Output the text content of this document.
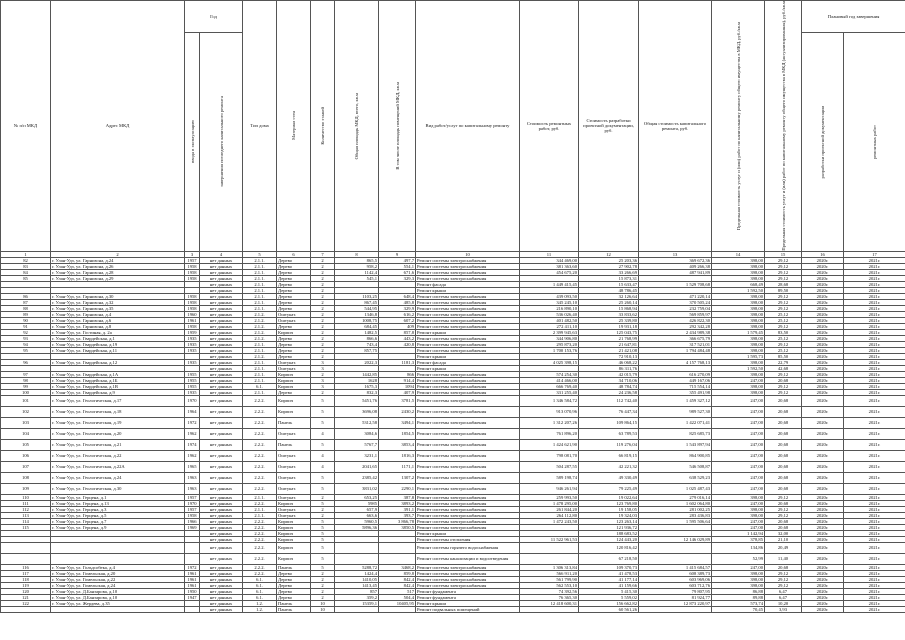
№ п/п МКД	Адрес МКД	Год		Тип дома	Материал стен	Количество этажей	Общая площадь МКД, всего, кв.м	В том числе площадь помещений МКД, кв.м	Вид работ/услуг по капитальному ремонту	Стоимость ремонтных работ, руб.	Стоимость разработки проектной документации, руб.	Общая стоимость капитального ремонта, руб.	Предельная стоимость услуг и (или) работ по капитальному ремонту общего имущества в МКД, руб./кв.м	Предельная стоимость услуг и (или) работ по капитальному ремонту общего имущества в МКД (актуализированная), руб./кв.м	Плановый год завершения	

		ввода в эксплуатацию	завершения последнего капитального ремонта												разработки проектной документации	ремонтных работ

1	2	3	4	5	6	7	8	9	10	11	12	13	14	15	16	17
82	г. Улан-Удэ, ул. Гарнизона, д.24	1957	нет данных	2.1.1.	Дерево	2	865,5	497,7	Ремонт системы электроснабжения	344 469,00	25 203,36	369 672,36	398,00	29,12	2020г.	2021г.
83	г. Улан-Удэ, ул. Гарнизона, д.26	1958	нет данных	2.1.1.	Дерево	2	958,2	554,1	Ремонт системы электроснабжения	381 363,60	27 902,78	409 266,38	398,00	29,12	2020г.	2021г.
84	г. Улан-Удэ, ул. Гарнизона, д.28	1958	нет данных	2.1.1.	Дерево	2	1142,4	671,6	Ремонт системы электроснабжения	454 675,20	33 266,69	487 941,89	398,00	29,12	2020г.	2021г.
85	г. Улан-Удэ, ул. Гарнизона, д.29	1958	нет данных	2.1.1.	Дерево	2	545,1	329,3	Ремонт системы электроснабжения		15 873,31		398,00	29,12	2020г.	2021г.
			нет данных	2.1.1.	Дерево	2			Ремонт фасада	1 449 415,45	15 633,47	1 529 708,68	668,49	28,68	2020г.	2021г.
			нет данных	2.1.1.	Дерево	2			Ремонт крыши		48 786,45		1 592,50	89,50	2020г.	2021г.
86	г. Улан-Удэ, ул. Гарнизона, д.30	1958	нет данных	2.1.1.	Дерево	2	1103,25	648,4	Ремонт системы электроснабжения	439 093,50	32 126,64	471 220,14	398,00	29,12	2020г.	2021г.
87	г. Улан-Удэ, ул. Гарнизона, д.32	1958	нет данных	2.1.1.	Дерево	2	867,45	485,8	Ремонт системы электроснабжения	345 245,10	25 260,14	370 505,24	398,00	29,12	2020г.	2021г.
88	г. Улан-Удэ, ул. Гарнизона, д.35	1958	нет данных	2.1.1.	Дерево	2	544,95	329,9	Ремонт системы электроснабжения	216 890,10	15 868,94	232 759,04	398,00	29,12	2020г.	2021г.
89	г. Улан-Удэ, ул. Гарнизона, д.4	1960	нет данных	2.1.2.	Оштукат.	2	1346,8	616,2	Ремонт системы электроснабжения	536 026,40	33 833,62	569 859,97	398,00	25,12	2020г.	2021г.
90	г. Улан-Удэ, ул. Гарнизона, д.6	1961	нет данных	2.1.2.	Оштукат.	2	1008,75	607,2	Ремонт системы электроснабжения	401 482,50	25 339,80	426 822,30	398,00	25,12	2020г.	2021г.
91	г. Улан-Удэ, ул. Гарнизона, д.8	1958	нет данных	2.1.2.	Дерево	2	684,45	409	Ремонт системы электроснабжения	272 411,10	19 931,18	292 342,28	398,00	29,12	2020г.	2021г.
92	г. Улан-Удэ, ул. Гостиная, д. 2а	1959	нет данных	2.1.2.	Кирпич	2	1482,5	857,8	Ремонт крыши	2 399 945,63	125 043,75	2 434 989,38	1 579,45	83,50	2020г.	2021г.
93	г. Улан-Удэ, ул. Гвардейская, д.1	1935	нет данных	2.1.2.	Дерево	2	866,6	443,2	Ремонт системы электроснабжения	344 906,80	21 768,99	366 675,79	398,00	25,12	2020г.	2021г.
94	г. Улан-Удэ, ул. Гвардейская, д.19	1935	нет данных	2.1.1.	Дерево	2	743,4	420,8	Ремонт системы электроснабжения	295 873,20	21 647,81	317 521,01	398,00	29,12	2020г.	2021г.
95	г. Улан-Удэ, ул. Гвардейская, д.11	1935	нет данных	2.1.1.	Дерево	2	857,75		Ремонт системы электроснабжения	1 700 153,76	21 421,08	1 794 484,48	398,00	25,12	2020г.	2021г.
			нет данных	2.1.2.	Дерево	2			Ремонт крыши		72 910,13		1 595,73	85,50	2020г.	2021г.
96	г. Улан-Удэ, ул. Гвардейская, д.12	1935	нет данных	2.1.1.	Оштукат.	3	2022,3	1181,3	Ремонт фасада	4 025 398,15	46 068,22	4 157 768,13	398,00	22,79	2020г.	2021г.
			нет данных	2.1.1.	Оштукат.	3			Ремонт крыши		86 311,76		1 592,50	42,68	2020г.	2021г.
97	г. Улан-Удэ, ул. Гвардейская, д.1А	1955	нет данных	2.1.1.	Кирпич	2	1442,85	866	Ремонт системы электроснабжения	574 254,30	42 015,79	616 270,09	398,00	29,12	2020г.	2021г.
98	г. Улан-Удэ, ул. Гвардейская, д.1Б	1955	нет данных	2.1.1.	Кирпич	3	1628	914,4	Ремонт системы электроснабжения	414 466,00	34 710,06	449 167,06	247,00	20,68	2020г.	2021г.
99	г. Улан-Удэ, ул. Гвардейская, д.1В	1955	нет данных	6.1.	Кирпич	3	1675,3	1094	Ремонт системы электроснабжения	666 769,40	48 784,74	715 554,14	398,00	29,12	2020г.	2021г.
100	г. Улан-Удэ, ул. Гвардейская, д.9	1935	нет данных	2.1.1.	Дерево	2	832,3	407,9	Ремонт системы электроснабжения	331 255,40	24 236,58	355 491,98	398,00	29,12	2020г.	2021г.
101	г. Улан-Удэ, ул. Геологическая, д.17	1970	нет данных	2.2.2.	Кирпич	5	5451,76	3781,5	Ремонт системы электроснабжения	1 346 584,72	112 742,40	1 459 327,12	247,00	20,68	2020г.	2021г.
102	г. Улан-Удэ, ул. Геологическая, д.18	1964	нет данных	2.2.2.	Кирпич	5	3696,08	2430,2	Ремонт системы электроснабжения	913 070,96	76 447,34	989 527,30	247,00	20,68	2020г.	2021г.
103	г. Улан-Удэ, ул. Геологическая, д.19	1972	нет данных	2.2.2.	Панель	5	5312,58	3494,1	Ремонт системы электроснабжения	1 312 207,26	109 864,15	1 422 071,41	247,00	20,68	2020г.	2021г.
104	г. Улан-Удэ, ул. Геологическая, д.20	1962	нет данных	2.2.2.	Оштукат.	4	3084,6	1854,5	Ремонт системы электроснабжения	761 896,20	63 789,53	825 685,73	247,00	20,68	2020г.	2021г.
105	г. Улан-Удэ, ул. Геологическая, д.21	1974	нет данных	2.2.2.	Панель	5	5767,7	3853,4	Ремонт системы электроснабжения	1 424 621,90	119 276,04	1 543 897,94	247,00	20,68	2020г.	2021г.
106	г. Улан-Удэ, ул. Геологическая, д.22	1962	нет данных	2.2.2.	Оштукат.	4	3231,1	1816,3	Ремонт системы электроснабжения	798 081,70	66 819,15	864 900,85	247,00	20,68	2020г.	2021г.
107	г. Улан-Удэ, ул. Геологическая, д.22А	1965	нет данных	2.2.2.	Оштукат.	4	2041,65	1171,1	Ремонт системы электроснабжения	504 287,55	42 221,32	546 508,87	247,00	20,68	2020г.	2021г.
108	г. Улан-Удэ, ул. Геологическая, д.24	1963	нет данных	2.2.2.	Оштукат.	5	2385,42	1307,2	Ремонт системы электроснабжения	589 198,74	49 330,49	638 529,23	247,00	20,68	2020г.	2021г.
109	г. Улан-Удэ, ул. Геологическая, д.30	1963	нет данных	2.2.2.	Оштукат.	5	3831,02	2290,1	Ремонт системы электроснабжения	946 261,94	79 225,49	1 025 487,43	247,00	20,68	2020г.	2021г.
110	г. Улан-Удэ, ул. Герцена, д.1	1957	нет данных	2.1.1.	Оштукат.	2	653,25	387,8	Ремонт системы электроснабжения	259 993,50	19 022,64	279 016,14	398,00	29,12	2020г.	2021г.
111	г. Улан-Удэ, ул. Герцена, д.13	1970	нет данных	2.2.2.	Кирпич	5	5985	3893,2	Ремонт системы электроснабжения	1 478 295,00	123 769,80	1 602 064,80	247,00	20,68	2020г.	2021г.
112	г. Улан-Удэ, ул. Герцена, д.3	1957	нет данных	2.1.1.	Оштукат.	2	657,9	391,1	Ремонт системы электроснабжения	261 844,20	19 158,05	281 002,25	398,00	29,12	2020г.	2021г.
113	г. Улан-Удэ, ул. Герцена, д.5	1958	нет данных	2.1.1.	Оштукат.	2	663,6	393,7	Ремонт системы электроснабжения	264 112,80	19 324,03	283 436,83	398,00	29,12	2020г.	2021г.
114	г. Улан-Удэ, ул. Герцена, д.7	1966	нет данных	2.2.2.	Кирпич	5	5960,5	3 866,78	Ремонт системы электроснабжения	1 472 243,50	123 263,14	1 595 506,64	247,00	20,68	2020г.	2021г.
115	г. Улан-Удэ, ул. Герцена, д.9	1969	нет данных	2.2.2.	Кирпич	5	5896,36	3850,5	Ремонт системы электроснабжения		121 936,72		247,00	20,68	2020г.	2021г.
			нет данных	2.2.2.	Кирпич	5			Ремонт крыши		188 683,52		1 142,94	32,00	2020г.	2021г.
			нет данных	2.2.2.	Кирпич	5			Ремонт системы отопления	11 522 961,53	124 443,20	12 146 029,89	378,85	21,10	2020г.	2021г.
			нет данных	2.2.2.	Кирпич	5			Ремонт системы горячего водоснабжения		120 816,42		134,86	20,49	2020г.	2021г.
			нет данных	2.2.2.	Кирпич	5			Ремонт системы канализации и водоотведения		67 218,50		52,99	11,40	2020г.	2021г.
116	г. Улан-Удэ, ул. Гольдсобека, д.4	1972	нет данных	2.2.2.	Панель	5	5288,72	3468,2	Ремонт системы электроснабжения	1 306 313,84	109 370,73	1 415 684,57	247,00	20,68	2020г.	2021г.
117	г. Улан-Удэ, ул. Гомельская, д.20	1961	нет данных	2.2.2.	Дерево	2	1424,4	859,8	Ремонт системы электроснабжения	566 911,20	41 478,53	608 389,73	398,00	29,12	2020г.	2021г.
118	г. Улан-Удэ, ул. Гомельская, д.22	1961	нет данных	6.1.	Дерево	2	1410,05	842,4	Ремонт системы электроснабжения	561 799,90	41 177,14	603 969,06	398,00	29,12	2020г.	2021г.
119	г. Улан-Удэ, ул. Гомельская, д.24	1961	нет данных	6.1.	Дерево	2	1413,45	842,4	Ремонт системы электроснабжения	562 553,10	41 159,66	603 712,76	398,00	29,12	2020г.	2021г.
120	г. Улан-Удэ, ул. Д.Банзарова, д.10	1950	нет данных	6.1.	Дерево	2	857	517	Ремонт фундамента	74 392,56	5 415,30	79 807,95	86,88	6,47	2020г.	2021г.
121	г. Улан-Удэ, ул. Д.Банзарова, д.10	1947	нет данных	6.1.	Дерево	2	359,2	504,4	Ремонт фундамента	76 365,30	5 559,02	81 924,77	89,88	6,47	2020г.	2021г.
122	г. Улан-Удэ, ул. Жердева, д.35		нет данных	1.2.	Панель	10	15359,1	10405,95	Ремонт крыши	12 418 600,31	156 662,82	12 873 220,97	573,74	10,20	2020г.	2021г.
			нет данных	1.2.	Панель	10			Ремонт подвальных помещений		60 561,26		70,45	3,93	2020г.	2021г.
